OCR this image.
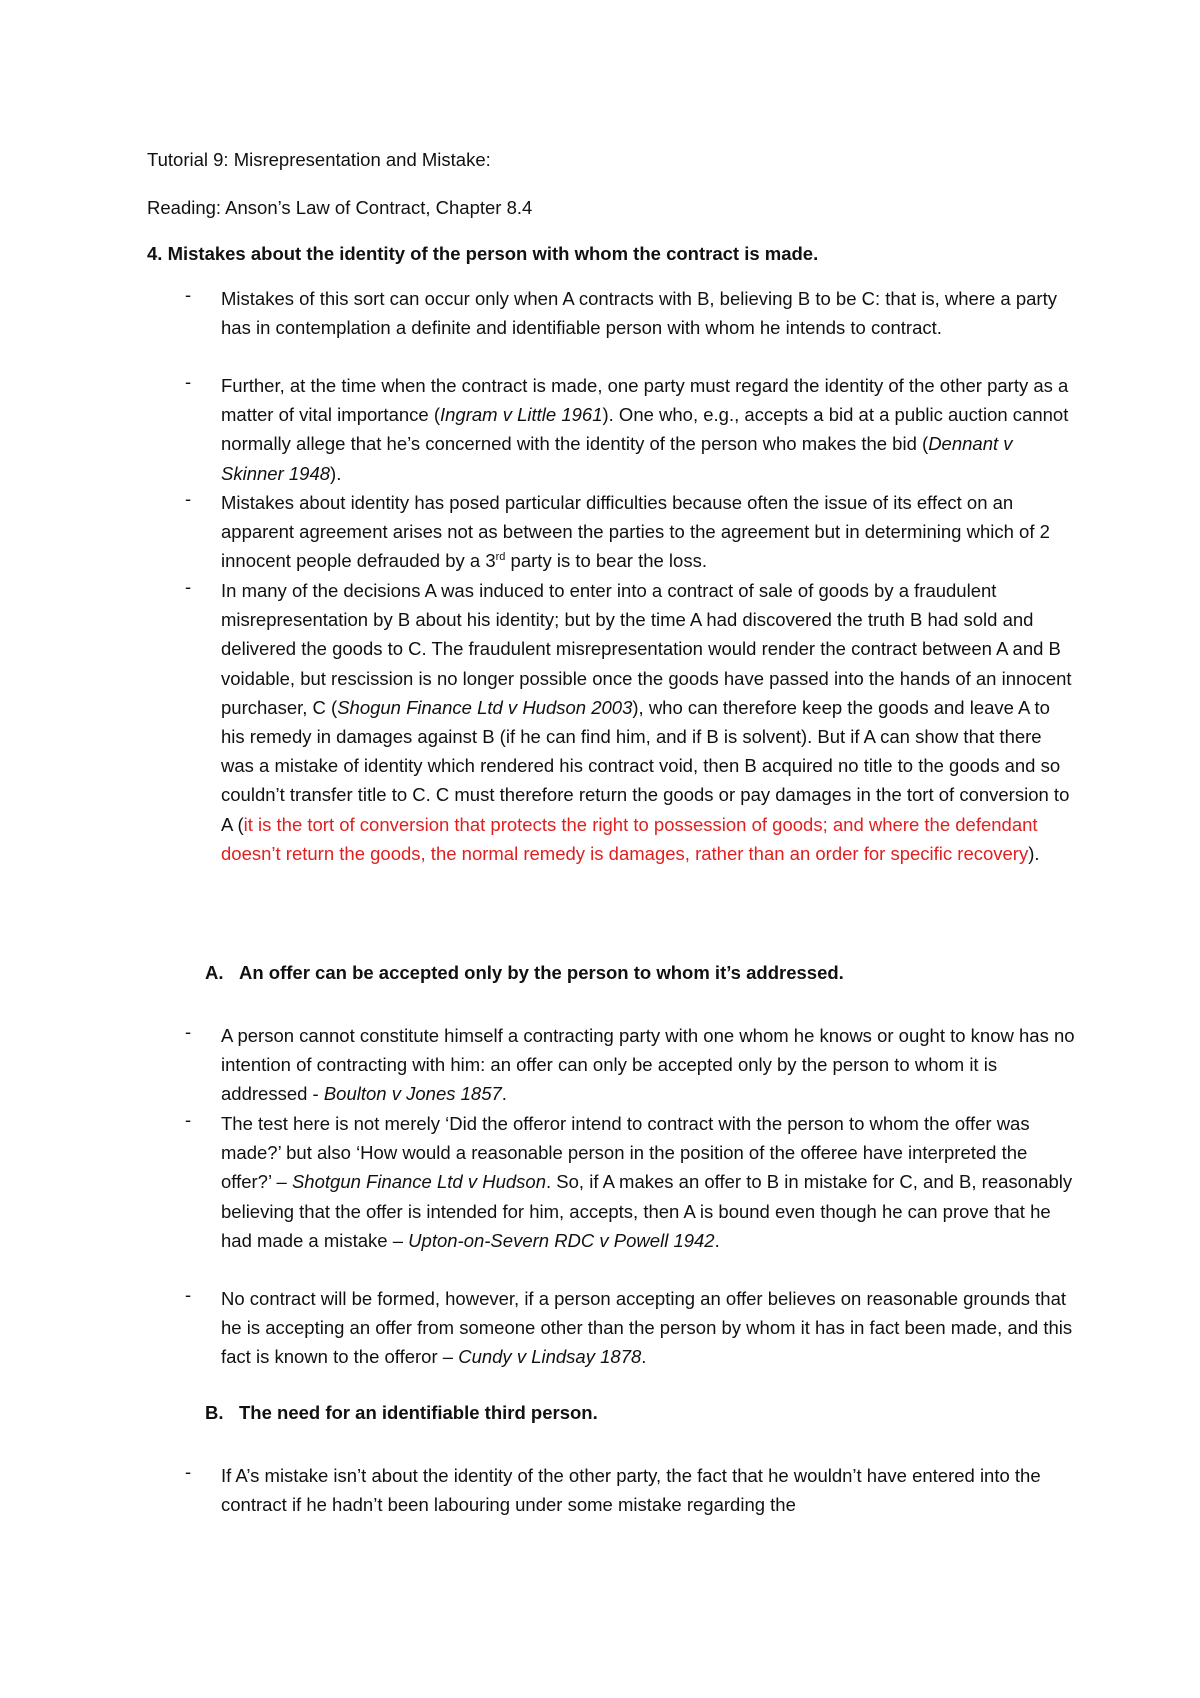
Tutorial 9: Misrepresentation and Mistake:

Reading: Anson’s Law of Contract, Chapter 8.4

4. Mistakes about the identity of the person with whom the contract is made.

- Mistakes of this sort can occur only when A contracts with B, believing B to be C: that is, where a party has in contemplation a definite and identifiable person with whom he intends to contract.
- Further, at the time when the contract is made, one party must regard the identity of the other party as a matter of vital importance (Ingram v Little 1961). One who, e.g., accepts a bid at a public auction cannot normally allege that he’s concerned with the identity of the person who makes the bid (Dennant v Skinner 1948).
- Mistakes about identity has posed particular difficulties because often the issue of its effect on an apparent agreement arises not as between the parties to the agreement but in determining which of 2 innocent people defrauded by a 3rd party is to bear the loss.
- In many of the decisions A was induced to enter into a contract of sale of goods by a fraudulent misrepresentation by B about his identity; but by the time A had discovered the truth B had sold and delivered the goods to C. The fraudulent misrepresentation would render the contract between A and B voidable, but rescission is no longer possible once the goods have passed into the hands of an innocent purchaser, C (Shogun Finance Ltd v Hudson 2003), who can therefore keep the goods and leave A to his remedy in damages against B (if he can find him, and if B is solvent). But if A can show that there was a mistake of identity which rendered his contract void, then B acquired no title to the goods and so couldn’t transfer title to C. C must therefore return the goods or pay damages in the tort of conversion to A (it is the tort of conversion that protects the right to possession of goods; and where the defendant doesn’t return the goods, the normal remedy is damages, rather than an order for specific recovery).

A. An offer can be accepted only by the person to whom it’s addressed.

- A person cannot constitute himself a contracting party with one whom he knows or ought to know has no intention of contracting with him: an offer can only be accepted only by the person to whom it is addressed - Boulton v Jones 1857.
- The test here is not merely ‘Did the offeror intend to contract with the person to whom the offer was made?’ but also ‘How would a reasonable person in the position of the offeree have interpreted the offer?’ – Shotgun Finance Ltd v Hudson. So, if A makes an offer to B in mistake for C, and B, reasonably believing that the offer is intended for him, accepts, then A is bound even though he can prove that he had made a mistake – Upton-on-Severn RDC v Powell 1942.
- No contract will be formed, however, if a person accepting an offer believes on reasonable grounds that he is accepting an offer from someone other than the person by whom it has in fact been made, and this fact is known to the offeror – Cundy v Lindsay 1878.

B. The need for an identifiable third person.

- If A’s mistake isn’t about the identity of the other party, the fact that he wouldn’t have entered into the contract if he hadn’t been labouring under some mistake regarding the
